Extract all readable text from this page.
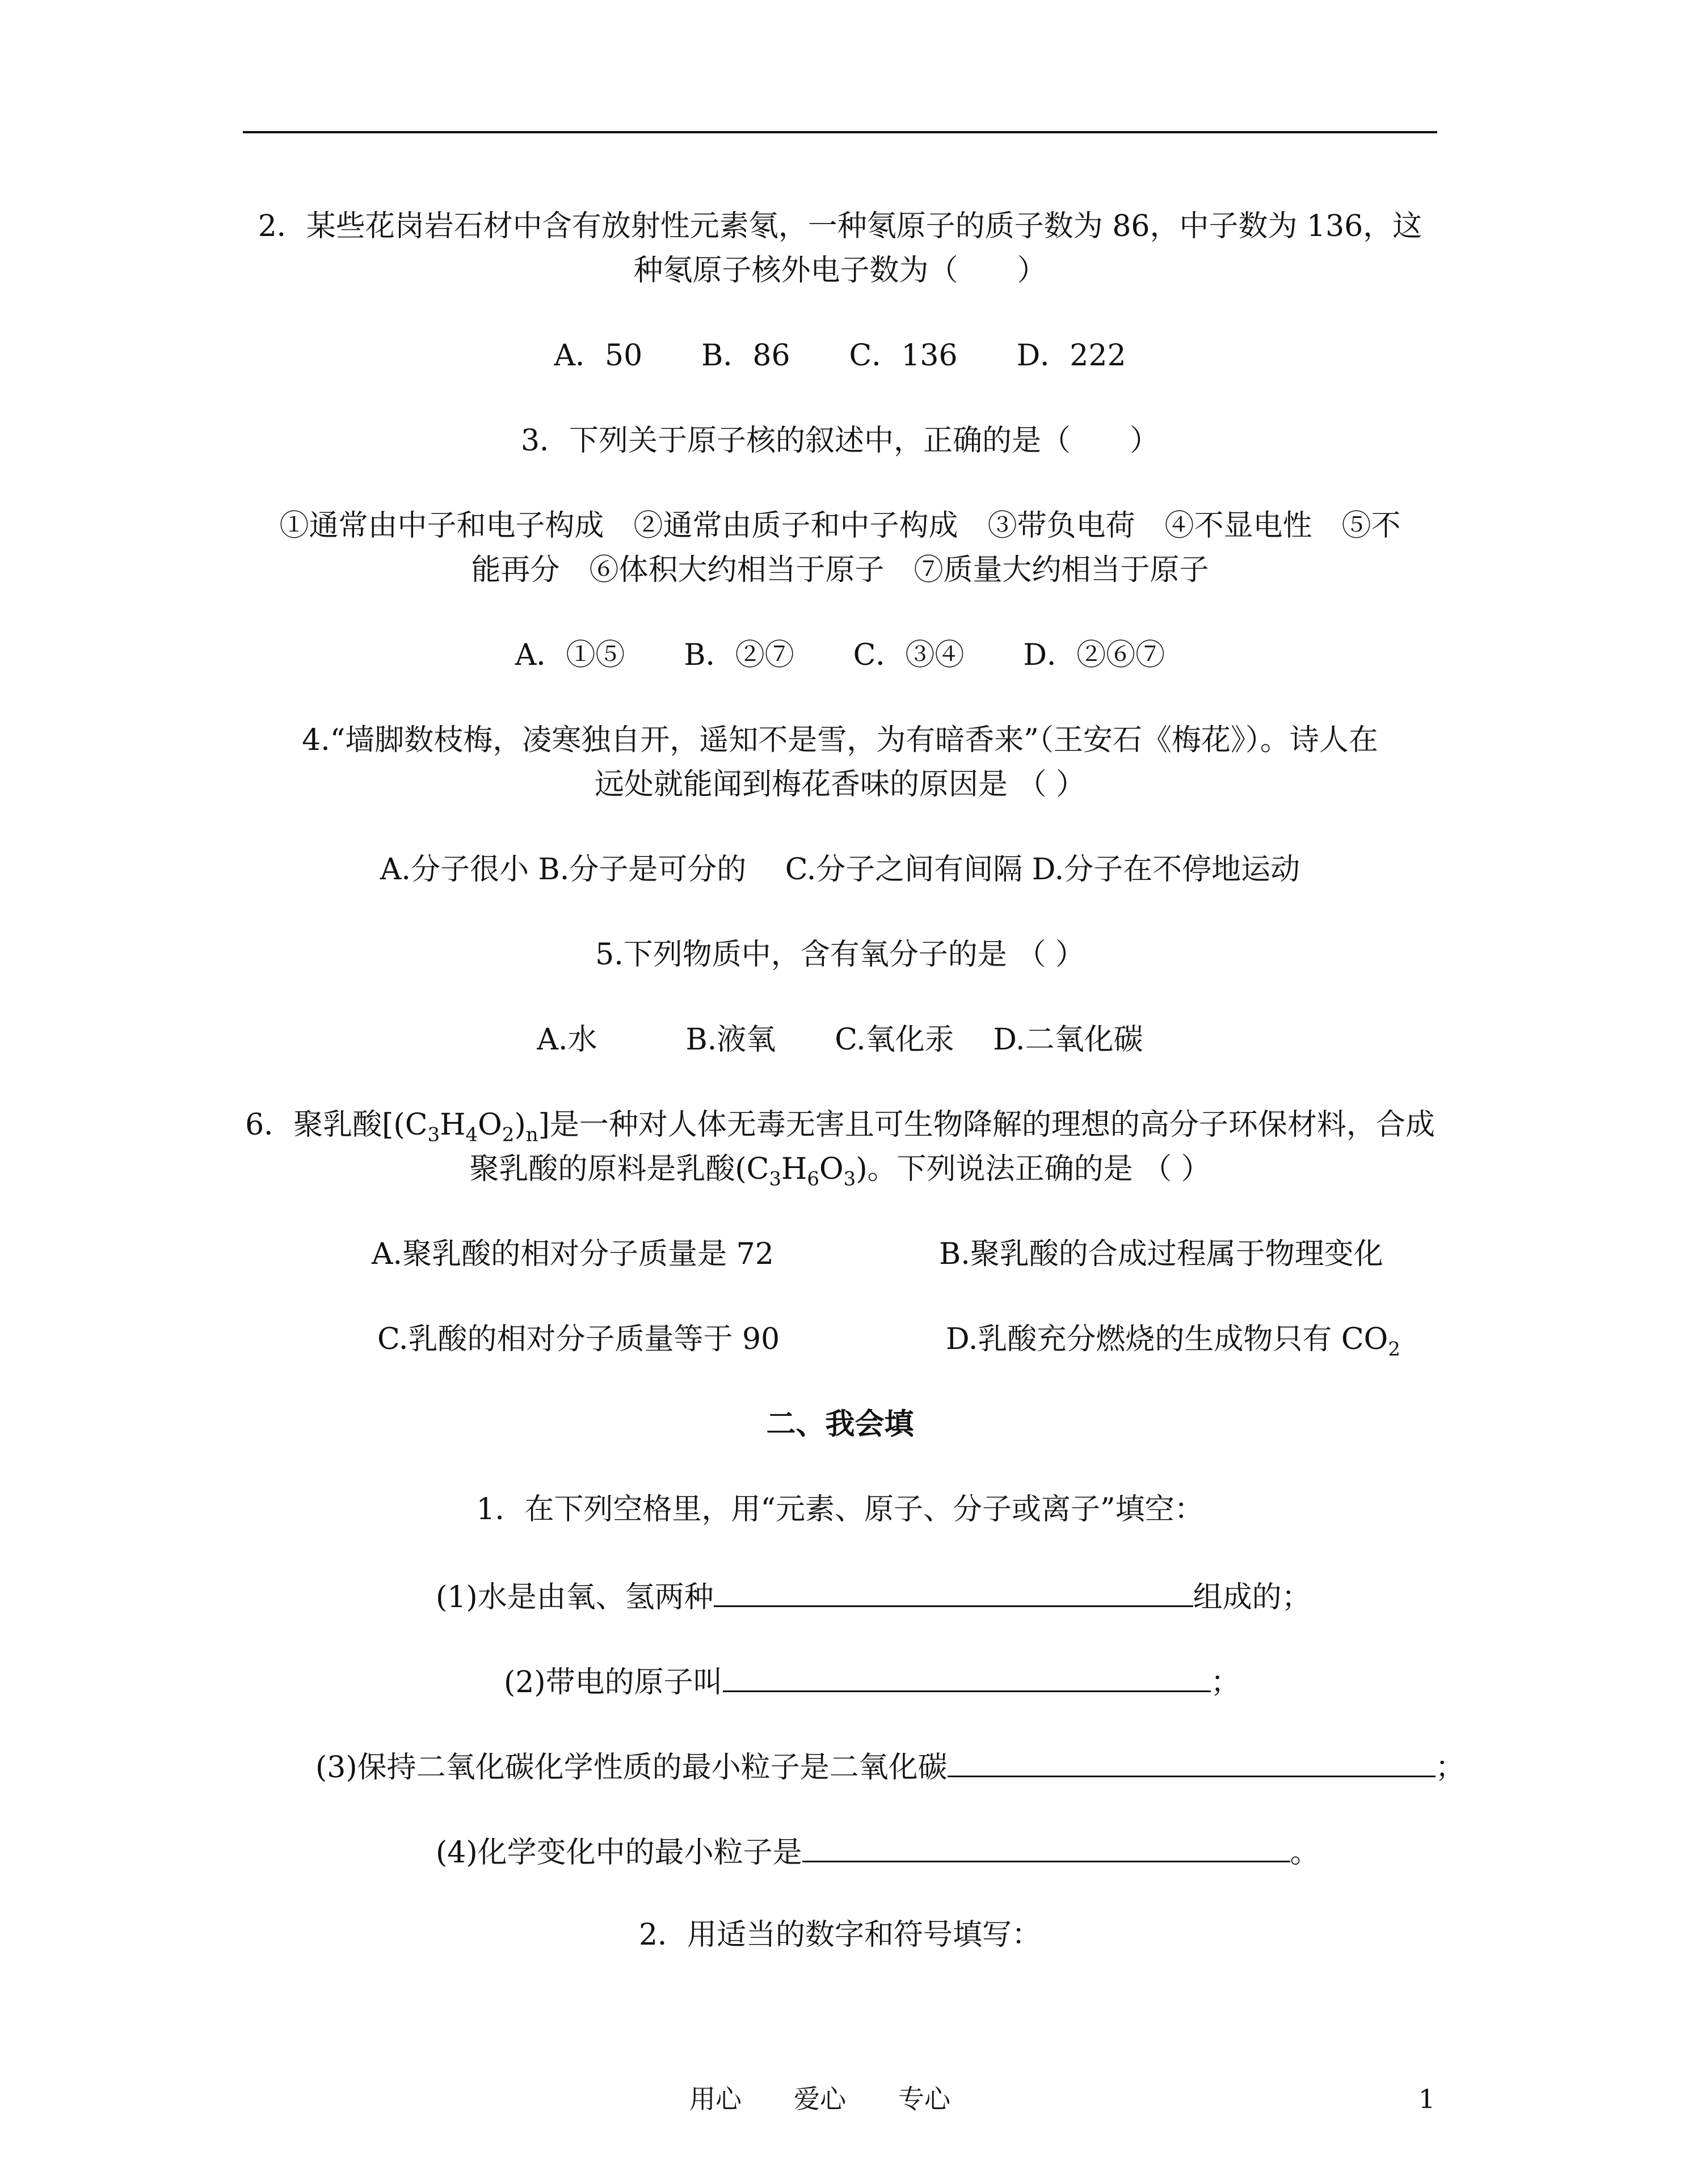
2．某些花岗岩石材中含有放射性元素氡，一种氡原子的质子数为 86，中子数为 136，这
种氡原子核外电子数为（　　）
A．50　　B．86　　C．136　　D．222
3．下列关于原子核的叙述中，正确的是（　　）
①通常由中子和电子构成　②通常由质子和中子构成　③带负电荷　④不显电性　⑤不
能再分　⑥体积大约相当于原子　⑦质量大约相当于原子
A．①⑤　　B．②⑦　　C．③④　　D．②⑥⑦
4.“墙脚数枝梅，凌寒独自开，遥知不是雪，为有暗香来”（王安石《梅花》）。诗人在
远处就能闻到梅花香味的原因是 （ ）
A.分子很小 B.分子是可分的　 C.分子之间有间隔 D.分子在不停地运动
5.下列物质中，含有氧分子的是 （ ）
A.水　　　B.液氧　　C.氧化汞　 D.二氧化碳
6．聚乳酸$[(C_3H_4O_2)_n]$是一种对人体无毒无害且可生物降解的理想的高分子环保材料，合成
聚乳酸的原料是乳酸$(C_3H_6O_3)$。下列说法正确的是 （ ）
A.聚乳酸的相对分子质量是 72	B.聚乳酸的合成过程属于物理变化
C.乳酸的相对分子质量等于 90	D.乳酸充分燃烧的生成物只有 $CO_2$
二、我会填
1．在下列空格里，用“元素、原子、分子或离子”填空：
(1)水是由氧、氢两种	组成的；
(2)带电的原子叫	；
(3)保持二氧化碳化学性质的最小粒子是二氧化碳	；
(4)化学变化中的最小粒子是	。
2．用适当的数字和符号填写：
用心　　爱心　　专心	1
